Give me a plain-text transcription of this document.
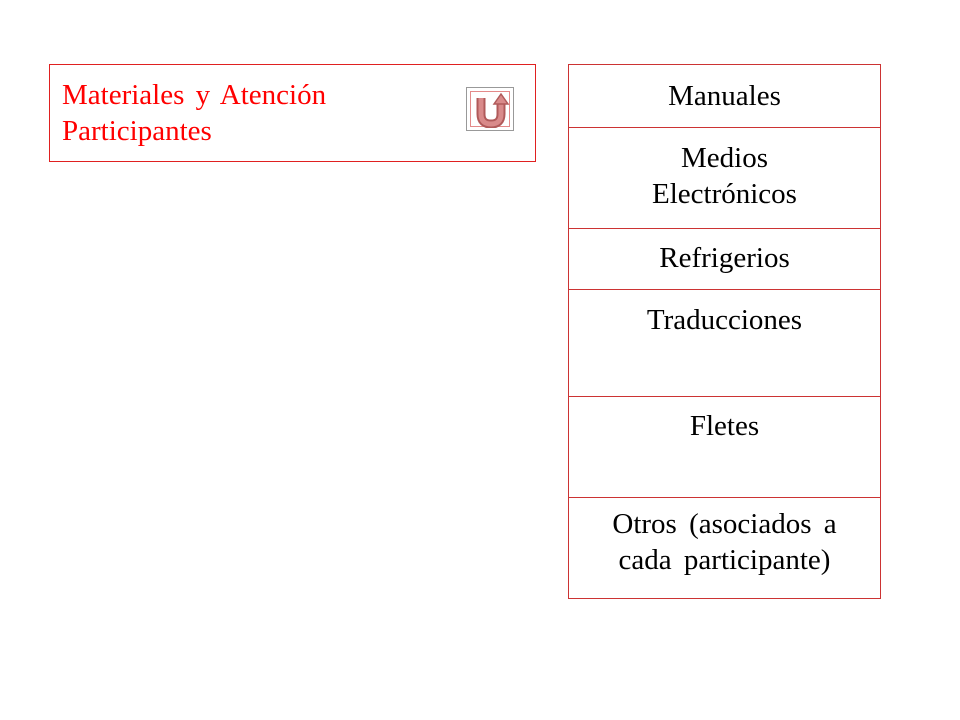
Materiales y Atención
Participantes
Manuales
Medios
Electrónicos
Refrigerios
Traducciones
Fletes
Otros (asociados a
cada participante)
